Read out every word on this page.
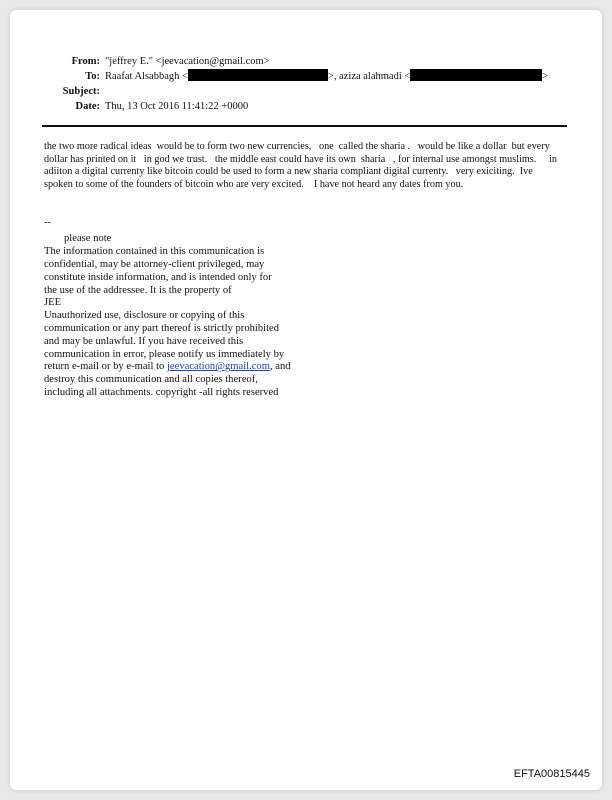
From: "jeffrey E." <jeevacation@gmail.com>
To: Raafat Alsabbagh <	>, aziza alahmadi <	>
Subject:
Date: Thu, 13 Oct 2016 11:41:22 +0000

the two more radical ideas  would be to form two new currencies,   one  called the sharia .   would be like a dollar  but every dollar has printed on it   in god we trust.   the middle east could have its own  sharia   , for internal use amongst muslims.     in adiiton a digital currenty like bitcoin could be used to form a new sharia compliant digital currenty.   very exiciting.  Ive spoken to some of the founders of bitcoin who are very excited.    I have not heard any dates from you.

--
please note
The information contained in this communication is
confidential, may be attorney-client privileged, may
constitute inside information, and is intended only for
the use of the addressee. It is the property of
JEE
Unauthorized use, disclosure or copying of this
communication or any part thereof is strictly prohibited
and may be unlawful. If you have received this
communication in error, please notify us immediately by
return e-mail or by e-mail to jeevacation@gmail.com, and
destroy this communication and all copies thereof,
including all attachments. copyright -all rights reserved
EFTA00815445
